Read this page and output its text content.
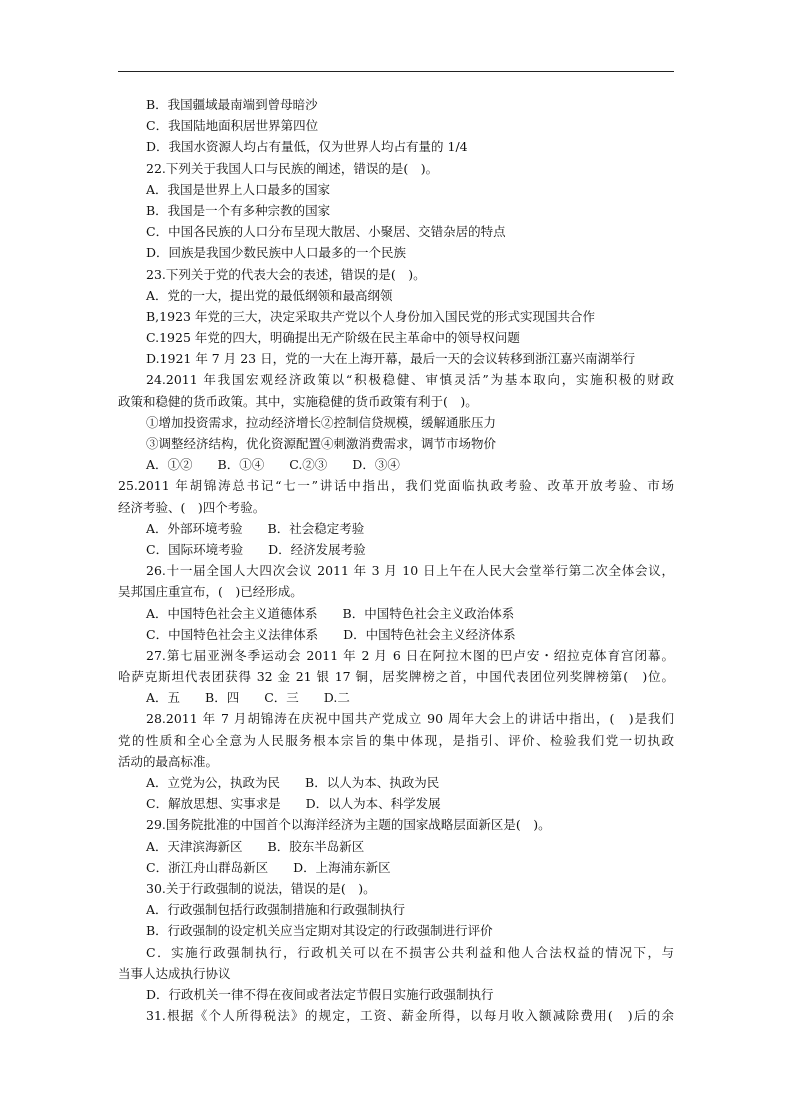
B．我国疆域最南端到曾母暗沙
C．我国陆地面积居世界第四位
D．我国水资源人均占有量低，仅为世界人均占有量的 1/4
22.下列关于我国人口与民族的阐述，错误的是(　)。
A．我国是世界上人口最多的国家
B．我国是一个有多种宗教的国家
C．中国各民族的人口分布呈现大散居、小聚居、交错杂居的特点
D．回族是我国少数民族中人口最多的一个民族
23.下列关于党的代表大会的表述，错误的是(　)。
A．党的一大，提出党的最低纲领和最高纲领
B,1923 年党的三大，决定采取共产党以个人身份加入国民党的形式实现国共合作
C.1925 年党的四大，明确提出无产阶级在民主革命中的领导权问题
D.1921 年 7 月 23 日，党的一大在上海开幕，最后一天的会议转移到浙江嘉兴南湖举行
24.2011 年我国宏观经济政策以“积极稳健、审慎灵活”为基本取向，实施积极的财政
政策和稳健的货币政策。其中，实施稳健的货币政策有利于(　)。
①增加投资需求，拉动经济增长②控制信贷规模，缓解通胀压力
③调整经济结构，优化资源配置④刺激消费需求，调节市场物价
A．①②　　B．①④　　C.②③　　D．③④
25.2011 年胡锦涛总书记“七一”讲话中指出，我们党面临执政考验、改革开放考验、市场
经济考验、(　)四个考验。
A．外部环境考验　　B．社会稳定考验
C．国际环境考验　　D．经济发展考验
26.十一届全国人大四次会议 2011 年 3 月 10 日上午在人民大会堂举行第二次全体会议，
吴邦国庄重宣布，(　)已经形成。
A．中国特色社会主义道德体系　　B．中国特色社会主义政治体系
C．中国特色社会主义法律体系　　D．中国特色社会主义经济体系
27.第七届亚洲冬季运动会 2011 年 2 月 6 日在阿拉木图的巴卢安・绍拉克体育宫闭幕。
哈萨克斯坦代表团获得 32 金 21 银 17 铜，居奖牌榜之首，中国代表团位列奖牌榜第(　)位。
A．五　　B．四　　C．三　　D.二
28.2011 年 7 月胡锦涛在庆祝中国共产党成立 90 周年大会上的讲话中指出，(　)是我们
党的性质和全心全意为人民服务根本宗旨的集中体现，是指引、评价、检验我们党一切执政
活动的最高标准。
A．立党为公，执政为民　　B．以人为本、执政为民
C．解放思想、实事求是　　D．以人为本、科学发展
29.国务院批准的中国首个以海洋经济为主题的国家战略层面新区是(　)。
A．天津滨海新区　　B．胶东半岛新区
C．浙江舟山群岛新区　　D．上海浦东新区
30.关于行政强制的说法，错误的是(　)。
A．行政强制包括行政强制措施和行政强制执行
B．行政强制的设定机关应当定期对其设定的行政强制进行评价
C．实施行政强制执行，行政机关可以在不损害公共利益和他人合法权益的情况下，与
当事人达成执行协议
D．行政机关一律不得在夜间或者法定节假日实施行政强制执行
31.根据《个人所得税法》的规定，工资、薪金所得，以每月收入额减除费用(　)后的余
